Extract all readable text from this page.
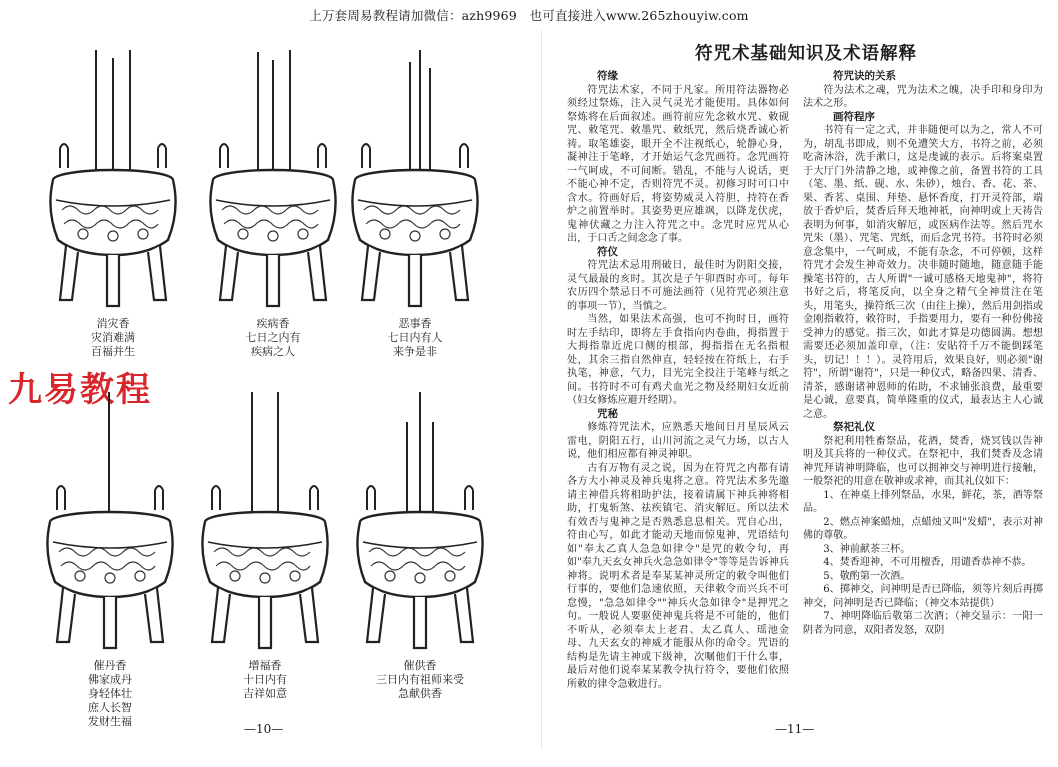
上万套周易教程请加微信：azh9969　也可直接进入www.265zhouyiw.com
消灾香
灾消难满
百福并生
疾病香
七日之内有
疾病之人
恶事香
七日内有人
来争是非
九易教程
催丹香
佛家成丹
身轻体壮
庶人长智
发财生福
增福香
十日内有
吉祥如意
催供香
三日内有祖师来受
急献供香
—10—
符咒术基础知识及术语解释
符缘

符咒法术家，不同于凡家。所用符法器物必须经过祭炼，注入灵气灵光才能使用。具体如何祭炼将在后面叙述。画符前应先念敕水咒、敕砚咒、敕笔咒、敕墨咒、敕纸咒，然后烧香诚心祈祷。取笔雄姿，眼开全不注视纸心，轮静心身，凝神注于笔峰，才开始运气念咒画符。念咒画符一气呵成，不可间断。错乱，不能与人说话，更不能心神不定，否则符咒不灵。初修习时可口中含水。符画好后，将姿势威灵入符胆，持符在香炉之前置举时。其姿势更应雄飒，以降龙伏虎，鬼神伏藏之力注入符咒之中。念咒时应咒从心出，于口舌之间念念了事。

符仪

符咒法术忌用刑破日，最佳时为阴阳交接，灵气最最的亥时。其次是子午卯酉时亦可。每年农历四个禁忌日不可施法画符（见符咒必须注意的事项一节），当慎之。

当然，如果法术高强，也可不拘时日，画符时左手结印，即将左手食指向内卷曲，拇指置于大拇指靠近虎口侧的根部，拇指指在无名指根处，其余三指自然伸直，轻轻按在符纸上，右手执笔，神意，气力，目光完全投注于笔峰与纸之间。书符时不可有鸡犬血光之物及经期妇女近前（妇女修炼应避开经期）。

咒秘

修炼符咒法术，应熟悉天地间日月星辰风云雷电，阴阳五行，山川河流之灵气力场，以古人说，他们相应都有神灵神职。

古有万物有灵之说，因为在符咒之内都有请各方大小神灵及神兵鬼将之意。符咒法术多先邀请主神借兵将相助护法，接着请属下神兵神将相助，打鬼斩煞、祛疾镇宅、消灾解厄。所以法术有效否与鬼神之是否熟悉息息相关。咒自心出，符由心写，如此才能动天地而惊鬼神，咒语结句如"奉太乙真人急急如律令"是咒的敕令句，再如"奉九天玄女神兵火急急如律令"等等是告诉神兵神将。说明术者是奉某某神灵所定的敕令叫他们行事的，要他们急速依照，天律敕令而兴兵不可怠慢，"急急如律令""神兵火急如律令"是押咒之句。一般说人要驱使神鬼兵将是不可能的，他们不听从，必须奉太上老君、太乙真人、瑶池金母、九天玄女的神威才能服从你的命令。咒语的结构是先请主神或下级神，次嘱他们干什么事，最后对他们说奉某某教令执行符令，要他们依照所敕的律令急敕进行。

符咒诀的关系

符为法术之魂，咒为法术之魄，决手印和身印为法术之形。

画符程序

书符有一定之式，并非随便可以为之，常人不可为，胡乱书即成，则不免遭笑大方，书符之前，必须吃斋沐浴，洗手漱口，这是虔诚的表示。后将案桌置于大厅门外清静之地，或神像之前，备置书符的工具（笔、墨、纸、砚、水、朱砂），烛台、香、花、茶、果、香茗、桌围、拜垫、悬怀香度，打开灵符部，端放于香炉后，焚香后拜天地神祇，向神明或上天祷告表明为何事，如消灾解厄，或医病作法等。然后咒水咒朱（墨）、咒笔、咒纸，而后念咒书符。书符时必须意念集中，一气呵成，不能有杂念，不可停顿，这样符咒才会发生神奇效力。决非随时随地，随意随手能操笔书符的，古人所谓"一诚可感格天地鬼神"，将符书好之后，将笔反向，以全身之精气全神贯注在笔头，用笔头，操符纸三次（由往上操），然后用剑指或金刚指敕符，敕符时，手指要用力，要有一种份佛接受神力的感觉。指三次，如此才算是功德圆满。想想需要还必须加盖印章，（注：安貼符千万不能倒踩笔头，切记！！！）。灵符用后，效果良好，则必须"谢符"，所谓"谢符"，只是一种仪式，略备四果、清香、清茶，感谢诸神恩师的佑助，不求铺张浪费，最重要是心诚，意要真，简单隆重的仪式，最表达主人心诚之意。

祭祀礼仪

祭祀利用牲畜祭品，花酒，焚香，烧冥钱以告神明及其兵将的一种仪式。在祭祀中，我们焚香及念请神咒拜请神明降临，也可以拥神交与神明进行接触，一般祭祀的用意在敬神或求神，而其礼仪如下：

1、在神桌上排列祭品，水果，鲜花，茶，酒等祭品。

2、燃点神案蜡烛，点蜡烛又叫"发蜡"，表示对神佛的尊敬。

3、神前献茶三杯。

4、焚香迎神，不可用檀香，用谴香恭神不恭。

5、敬酌第一次酒。

6、掷神交，问神明是否已降临，须等片刻后再掷神交，问神明是否已降临；（神交本站提供）

7、神明降临后敬第二次酒；（神交显示：一阳一阴者为同意，双阳者发怒，双阴

—11—
